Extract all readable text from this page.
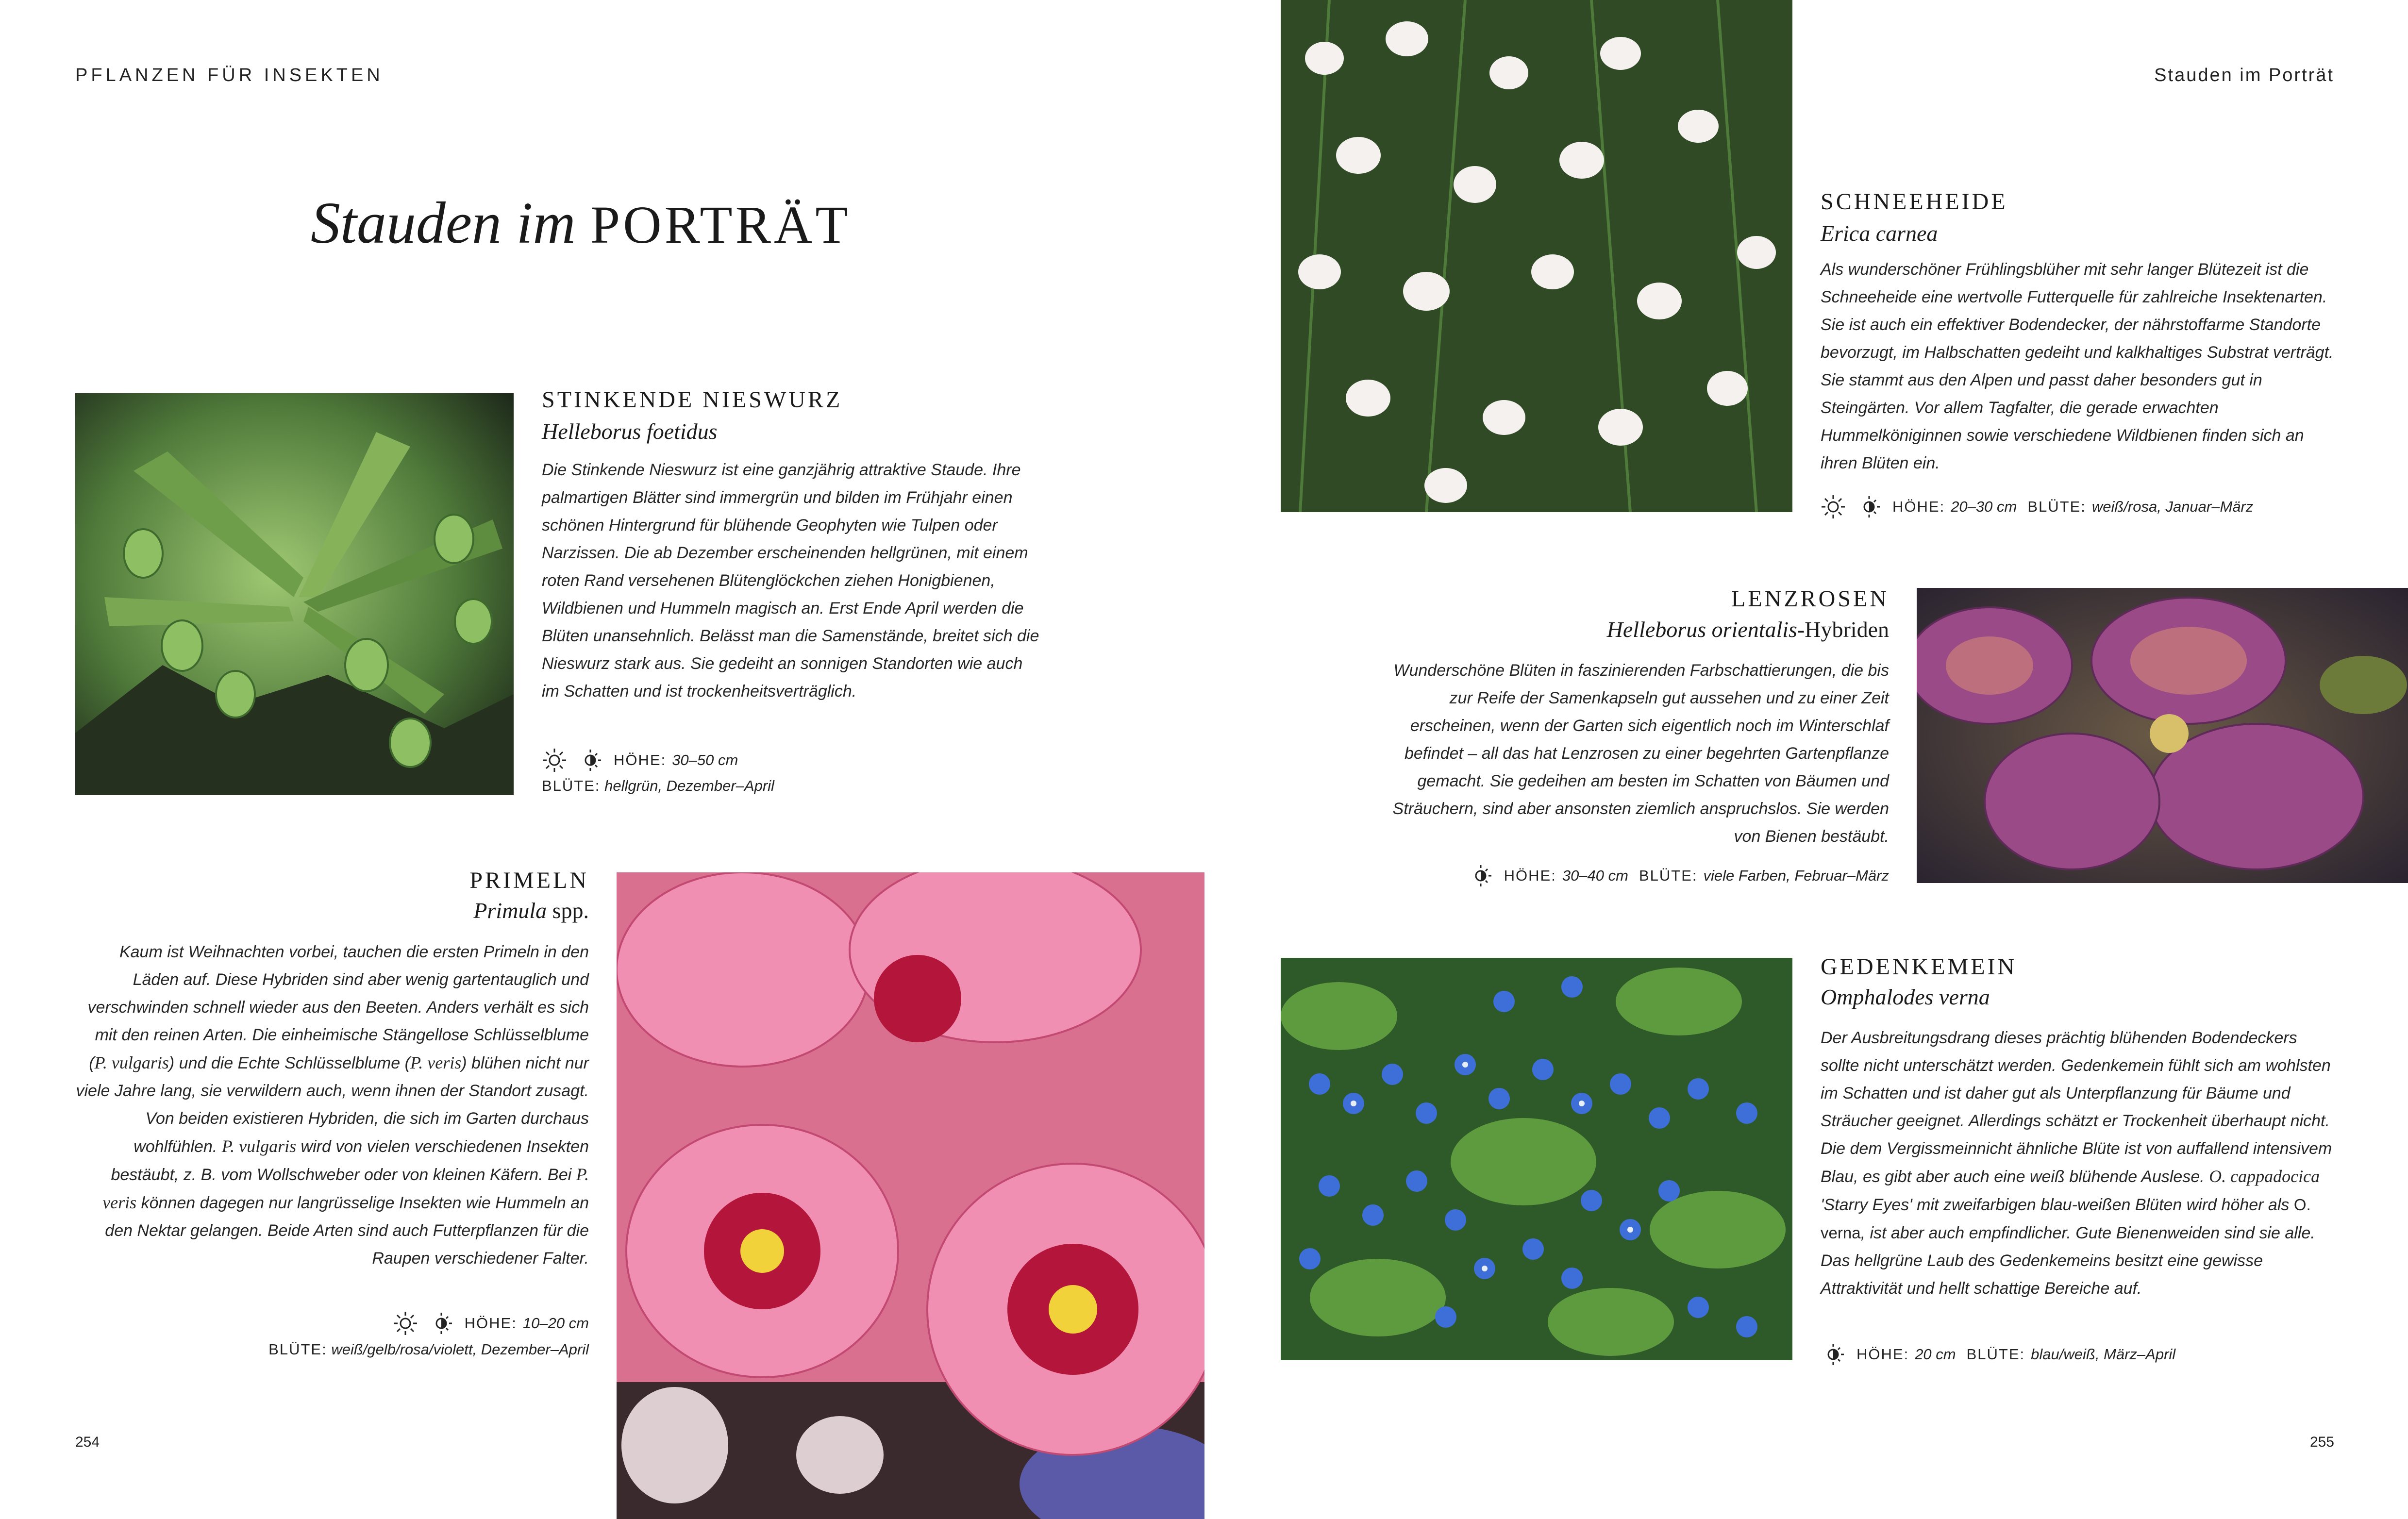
PFLANZEN FÜR INSEKTEN
Stauden im PORTRÄT
STINKENDE NIESWURZ
Helleborus foetidus

Die Stinkende Nieswurz ist eine ganzjährig attraktive Staude. Ihre palmartigen Blätter sind immergrün und bilden im Frühjahr einen schönen Hintergrund für blühende Geophyten wie Tulpen oder Narzissen. Die ab Dezember erscheinenden hellgrünen, mit einem roten Rand versehenen Blütenglöckchen ziehen Honigbienen, Wildbienen und Hummeln magisch an. Erst Ende April werden die Blüten unansehnlich. Belässt man die Samenstände, breitet sich die Nieswurz stark aus. Sie gedeiht an sonnigen Standorten wie auch im Schatten und ist trockenheitsverträglich.

HÖHE: 30–50 cm
BLÜTE: hellgrün, Dezember–April
PRIMELN
Primula spp.

Kaum ist Weihnachten vorbei, tauchen die ersten Primeln in den Läden auf. Diese Hybriden sind aber wenig gartentauglich und verschwinden schnell wieder aus den Beeten. Anders verhält es sich mit den reinen Arten. Die einheimische Stängellose Schlüsselblume (P. vulgaris) und die Echte Schlüsselblume (P. veris) blühen nicht nur viele Jahre lang, sie verwildern auch, wenn ihnen der Standort zusagt. Von beiden existieren Hybriden, die sich im Garten durchaus wohlfühlen. P. vulgaris wird von vielen verschiedenen Insekten bestäubt, z. B. vom Wollschweber oder von kleinen Käfern. Bei P. veris können dagegen nur langrüsselige Insekten wie Hummeln an den Nektar gelangen. Beide Arten sind auch Futterpflanzen für die Raupen verschiedener Falter.

HÖHE: 10–20 cm
BLÜTE: weiß/gelb/rosa/violett, Dezember–April
254
Stauden im Porträt
SCHNEEHEIDE
Erica carnea

Als wunderschöner Frühlingsblüher mit sehr langer Blütezeit ist die Schneeheide eine wertvolle Futterquelle für zahlreiche Insektenarten. Sie ist auch ein effektiver Bodendecker, der nährstoffarme Standorte bevorzugt, im Halbschatten gedeiht und kalkhaltiges Substrat verträgt. Sie stammt aus den Alpen und passt daher besonders gut in Steingärten. Vor allem Tagfalter, die gerade erwachten Hummelköniginnen sowie verschiedene Wildbienen finden sich an ihren Blüten ein.

HÖHE: 20–30 cm BLÜTE: weiß/rosa, Januar–März
LENZROSEN
Helleborus orientalis-Hybriden

Wunderschöne Blüten in faszinierenden Farbschattierungen, die bis zur Reife der Samenkapseln gut aussehen und zu einer Zeit erscheinen, wenn der Garten sich eigentlich noch im Winterschlaf befindet – all das hat Lenzrosen zu einer begehrten Gartenpflanze gemacht. Sie gedeihen am besten im Schatten von Bäumen und Sträuchern, sind aber ansonsten ziemlich anspruchslos. Sie werden von Bienen bestäubt.

HÖHE: 30–40 cm BLÜTE: viele Farben, Februar–März
GEDENKEMEIN
Omphalodes verna

Der Ausbreitungsdrang dieses prächtig blühenden Bodendeckers sollte nicht unterschätzt werden. Gedenkemein fühlt sich am wohlsten im Schatten und ist daher gut als Unterpflanzung für Bäume und Sträucher geeignet. Allerdings schätzt er Trockenheit überhaupt nicht. Die dem Vergissmeinnicht ähnliche Blüte ist von auffallend intensivem Blau, es gibt aber auch eine weiß blühende Auslese. O. cappadocica 'Starry Eyes' mit zweifarbigen blau-weißen Blüten wird höher als O. verna, ist aber auch empfindlicher. Gute Bienenweiden sind sie alle. Das hellgrüne Laub des Gedenkemeins besitzt eine gewisse Attraktivität und hellt schattige Bereiche auf.

HÖHE: 20 cm BLÜTE: blau/weiß, März–April
255
